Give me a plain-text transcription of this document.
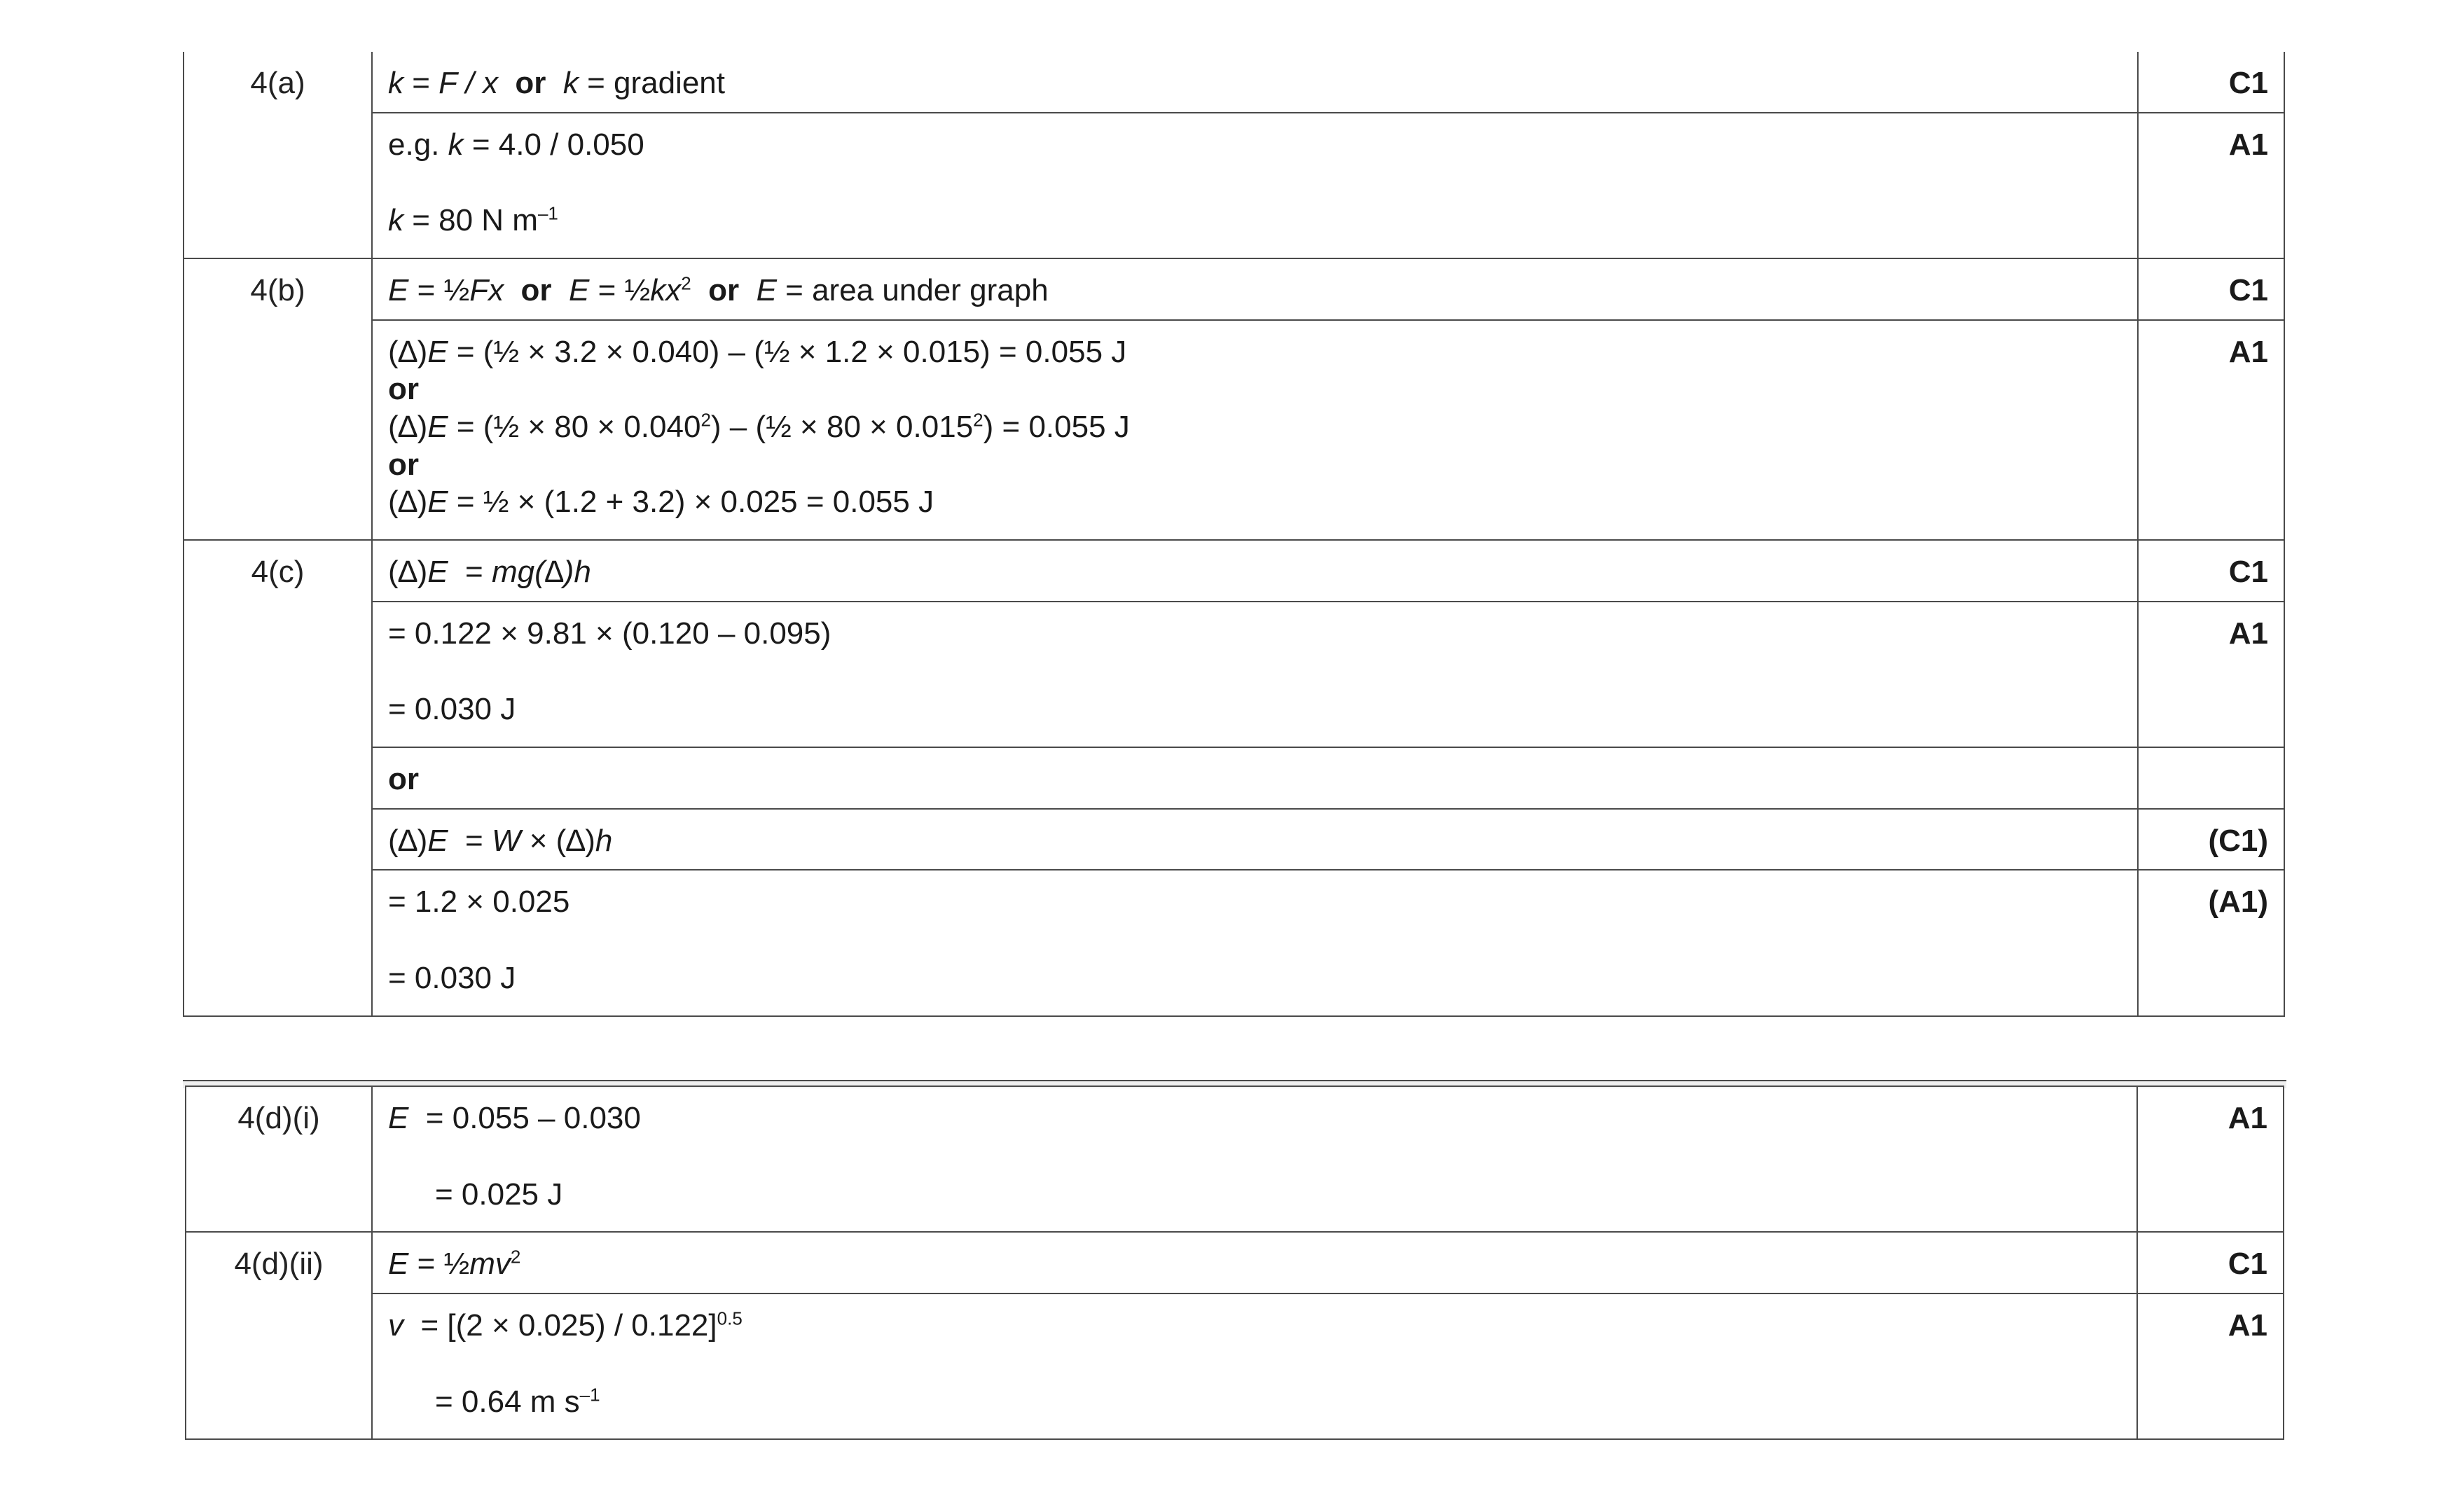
4(a)	k = F / x or k = gradient	C1

	e.g. k = 4.0 / 0.050
k = 80 N $m^{-1}$	A1
4(b)	E = ½Fx or $E = \frac{1}{2}kx^2$ or E = area under graph	C1

	(∆)E = (½ × 3.2 × 0.040) – (½ × 1.2 × 0.015) = 0.055 J
or
(∆)E = (½ × $80 \times 0.040^2$) – (½ × $80 \times 0.015^2) = 0.055$ J
or
(∆)E = ½ × (1.2 + 3.2) × 0.025 = 0.055 J	A1
4(c)	(∆)E  = mg(∆)h	C1

	= 0.122 × 9.81 × (0.120 – 0.095)
= 0.030 J	A1
	or	
	(∆)E  = W × (∆)h	(C1)

	= 1.2 × 0.025
= 0.030 J	(A1)
4(d)(i)	E  = 0.055 – 0.030
= 0.025 J	A1
4(d)(ii)	$E = \frac{1}{2}mv^2$	C1

	$v = [(2 \times 0.025) / 0.122]^{0.5}$
= 0.64 m $s^{-1}$	A1
